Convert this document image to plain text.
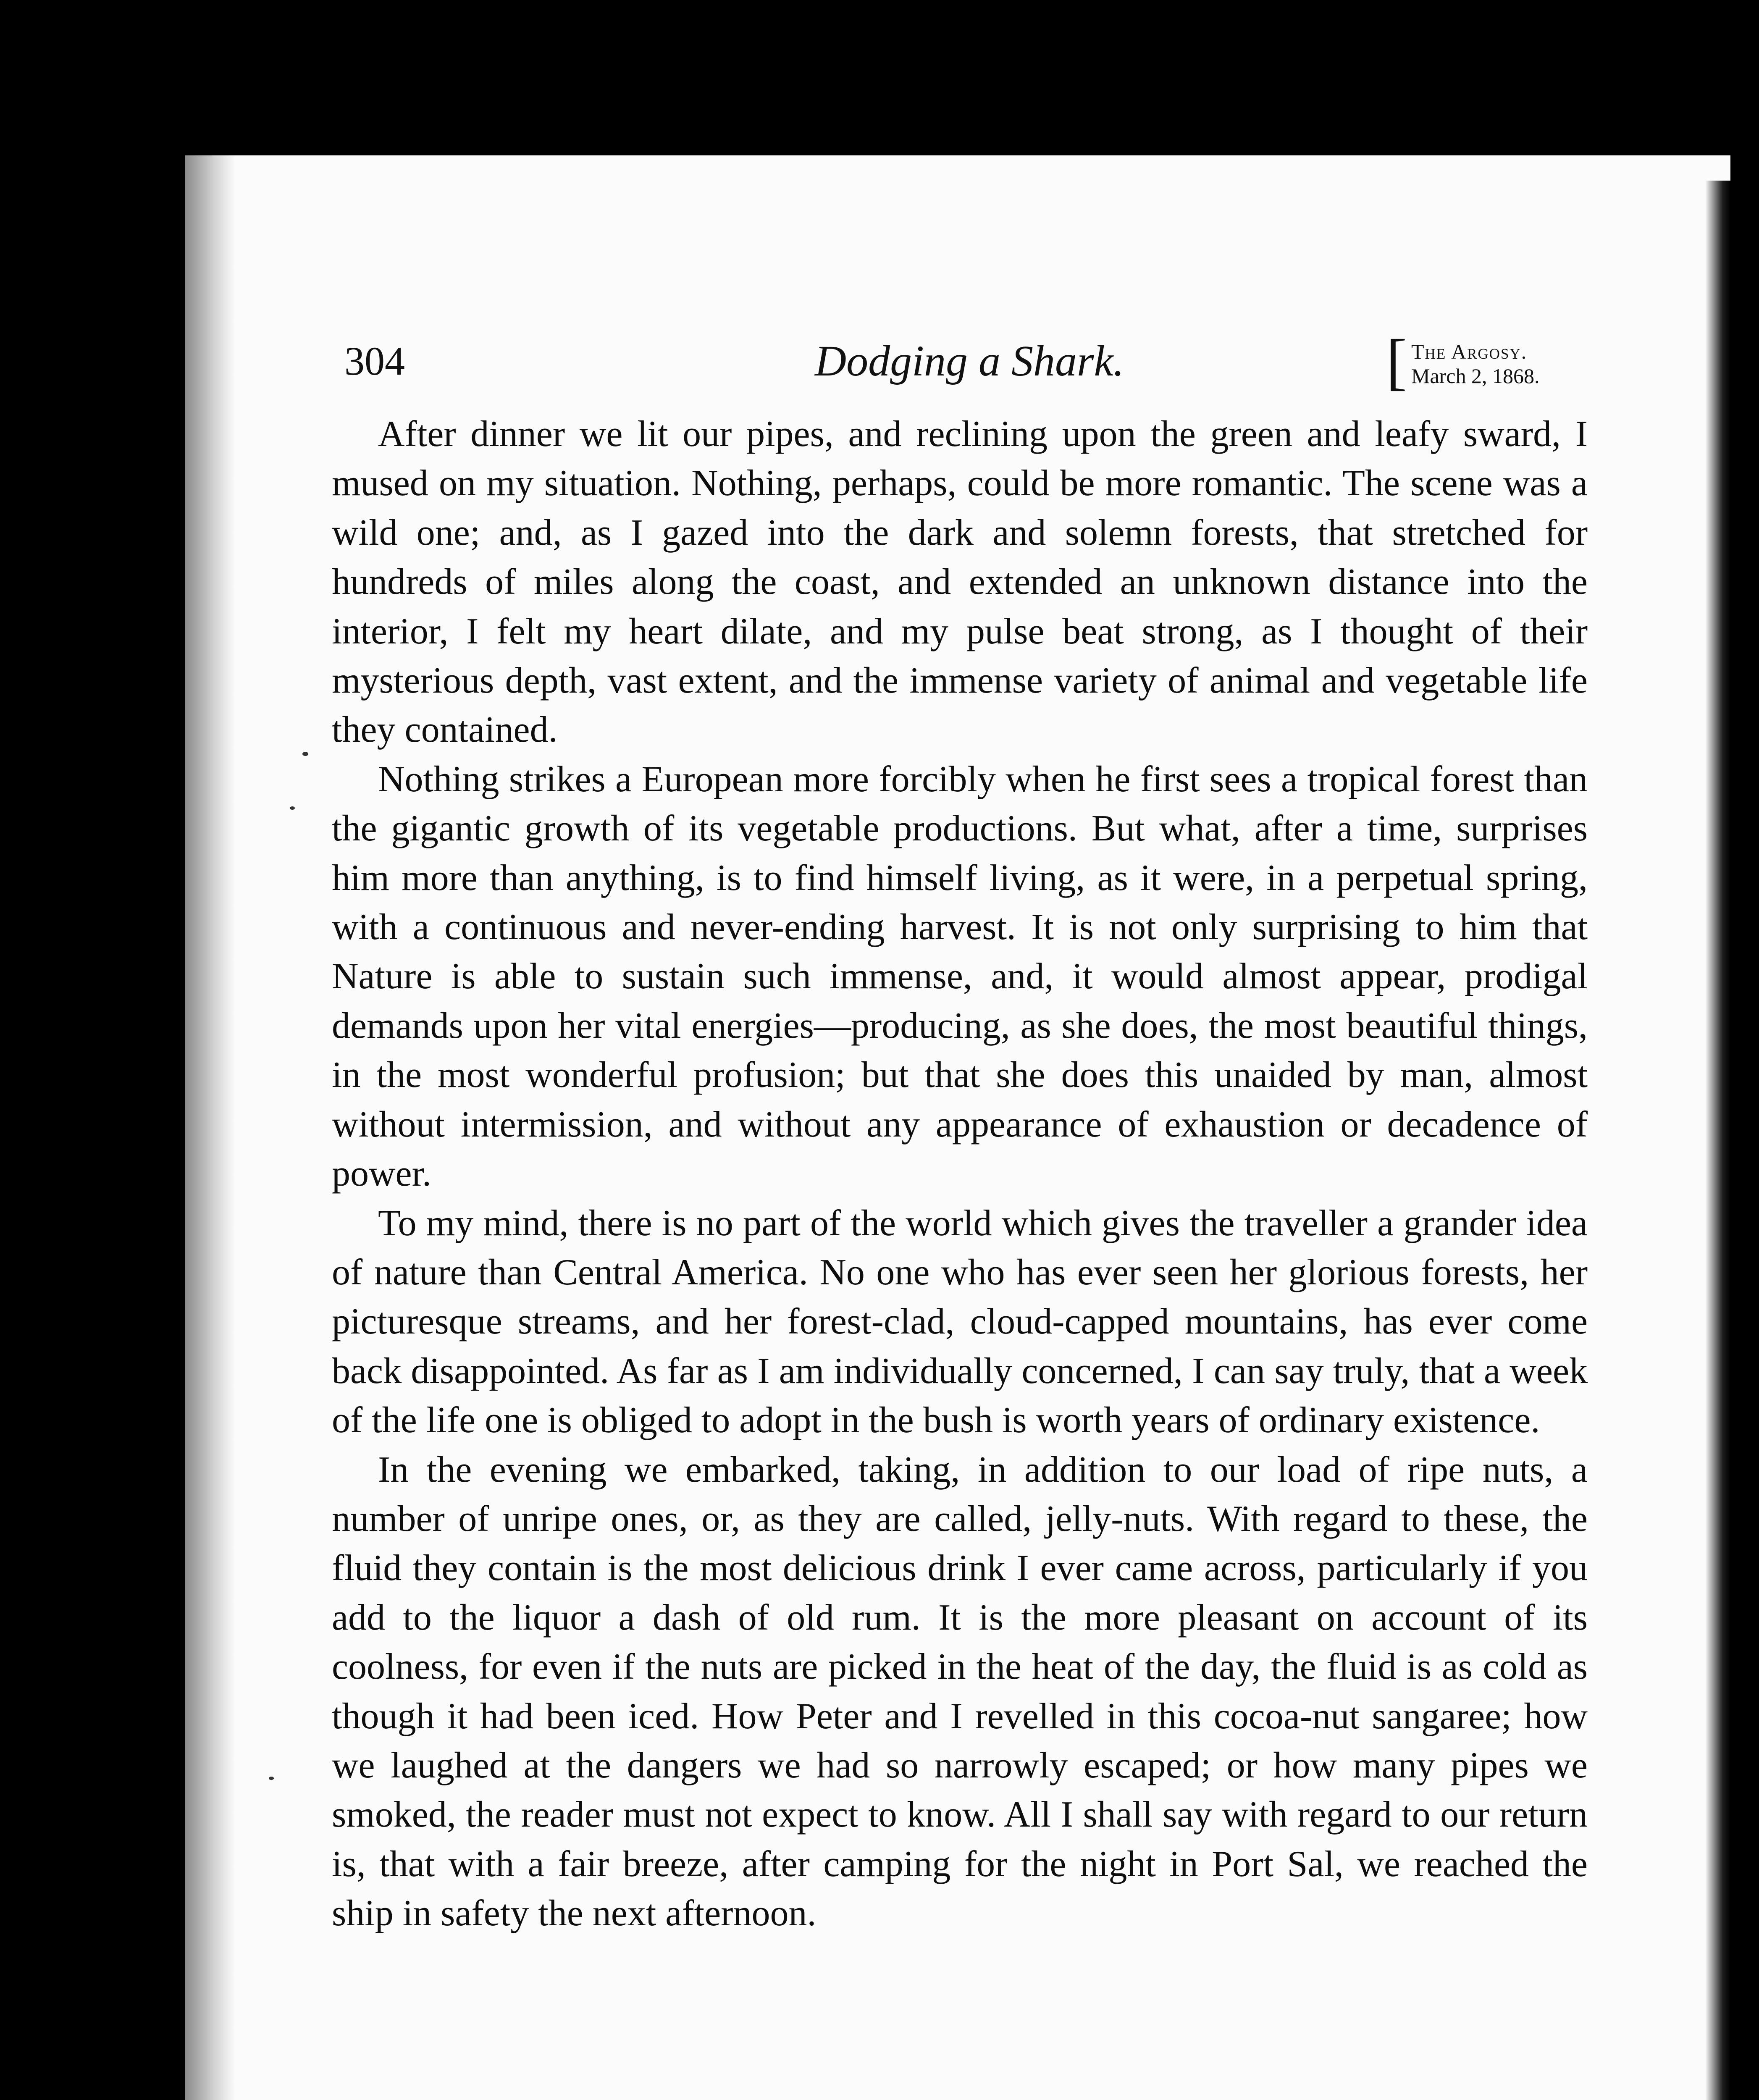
304	Dodging a Shark.	[ The Argosy.
March 2, 1868.

After dinner we lit our pipes, and reclining upon the green and leafy sward, I mused on my situation. Nothing, perhaps, could be more romantic. The scene was a wild one; and, as I gazed into the dark and solemn forests, that stretched for hundreds of miles along the coast, and extended an unknown distance into the interior, I felt my heart dilate, and my pulse beat strong, as I thought of their mysterious depth, vast extent, and the immense variety of animal and vegetable life they contained.

Nothing strikes a European more forcibly when he first sees a tropical forest than the gigantic growth of its vegetable productions. But what, after a time, surprises him more than anything, is to find himself living, as it were, in a perpetual spring, with a continuous and never-ending harvest. It is not only surprising to him that Nature is able to sustain such immense, and, it would almost appear, prodigal demands upon her vital energies—producing, as she does, the most beautiful things, in the most wonderful profusion; but that she does this unaided by man, almost without intermission, and without any appearance of exhaustion or decadence of power.

To my mind, there is no part of the world which gives the traveller a grander idea of nature than Central America. No one who has ever seen her glorious forests, her picturesque streams, and her forest-clad, cloud-capped mountains, has ever come back disappointed. As far as I am individually concerned, I can say truly, that a week of the life one is obliged to adopt in the bush is worth years of ordinary existence.

In the evening we embarked, taking, in addition to our load of ripe nuts, a number of unripe ones, or, as they are called, jelly-nuts. With regard to these, the fluid they contain is the most delicious drink I ever came across, particularly if you add to the liquor a dash of old rum. It is the more pleasant on account of its coolness, for even if the nuts are picked in the heat of the day, the fluid is as cold as though it had been iced. How Peter and I revelled in this cocoa-nut sangaree; how we laughed at the dangers we had so narrowly escaped; or how many pipes we smoked, the reader must not expect to know. All I shall say with regard to our return is, that with a fair breeze, after camping for the night in Port Sal, we reached the ship in safety the next afternoon.
